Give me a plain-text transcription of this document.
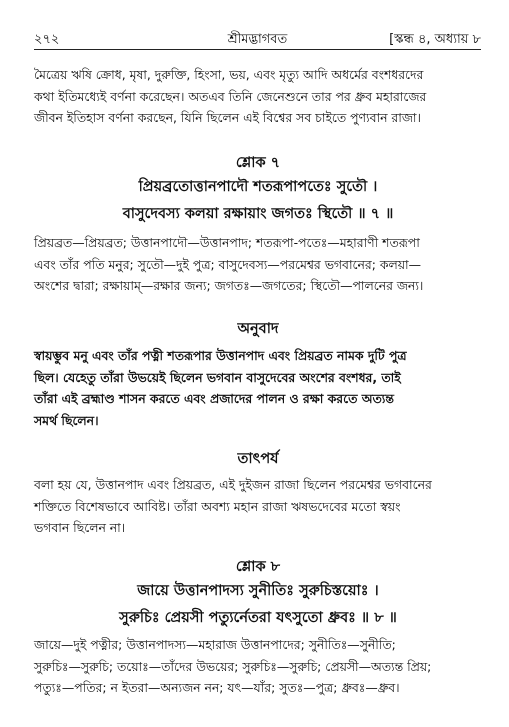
২৭২	শ্রীমদ্ভাগবত	[স্কন্ধ ৪, অধ্যায় ৮
মৈত্রেয় ঋষি ক্রোধ, মৃষা, দুরুক্তি, হিংসা, ভয়, এবং মৃত্যু আদি অধর্মের বংশধরদের
কথা ইতিমধ্যেই বর্ণনা করেছেন। অতএব তিনি জেনেশুনে তার পর ধ্রুব মহারাজের
জীবন ইতিহাস বর্ণনা করছেন, যিনি ছিলেন এই বিশ্বের সব চাইতে পুণ্যবান রাজা।
শ্লোক ৭
প্রিয়ব্রতোত্তানপাদৌ শতরূপাপতেঃ সুতৌ ।
বাসুদেবস্য কলয়া রক্ষায়াং জগতঃ স্থিতৌ ॥ ৭ ॥
প্রিয়ব্রত—প্রিয়ব্রত; উত্তানপাদৌ—উত্তানপাদ; শতরূপা-পতেঃ—মহারাণী শতরূপা
এবং তাঁর পতি মনুর; সুতৌ—দুই পুত্র; বাসুদেবস্য—পরমেশ্বর ভগবানের; কলয়া—
অংশের দ্বারা; রক্ষায়াম্—রক্ষার জন্য; জগতঃ—জগতের; স্থিতৌ—পালনের জন্য।
অনুবাদ
স্বায়ম্ভুব মনু এবং তাঁর পত্নী শতরূপার উত্তানপাদ এবং প্রিয়ব্রত নামক দুটি পুত্র
ছিল। যেহেতু তাঁরা উভয়েই ছিলেন ভগবান বাসুদেবের অংশের বংশধর, তাই
তাঁরা এই ব্রহ্মাণ্ড শাসন করতে এবং প্রজাদের পালন ও রক্ষা করতে অত্যন্ত
সমর্থ ছিলেন।
তাৎপর্য
বলা হয় যে, উত্তানপাদ এবং প্রিয়ব্রত, এই দুইজন রাজা ছিলেন পরমেশ্বর ভগবানের
শক্তিতে বিশেষভাবে আবিষ্ট। তাঁরা অবশ্য মহান রাজা ঋষভদেবের মতো স্বয়ং
ভগবান ছিলেন না।
শ্লোক ৮
জায়ে উত্তানপাদস্য সুনীতিঃ সুরুচিস্তয়োঃ ।
সুরুচিঃ প্রেয়সী পত্যুর্নেতরা যৎসুতো ধ্রুবঃ ॥ ৮ ॥
জায়ে—দুই পত্নীর; উত্তানপাদস্য—মহারাজ উত্তানপাদের; সুনীতিঃ—সুনীতি;
সুরুচিঃ—সুরুচি; তয়োঃ—তাঁদের উভয়ের; সুরুচিঃ—সুরুচি; প্রেয়সী—অত্যন্ত প্রিয়;
পত্যুঃ—পতির; ন ইতরা—অন্যজন নন; যৎ—যাঁর; সুতঃ—পুত্র; ধ্রুবঃ—ধ্রুব।
